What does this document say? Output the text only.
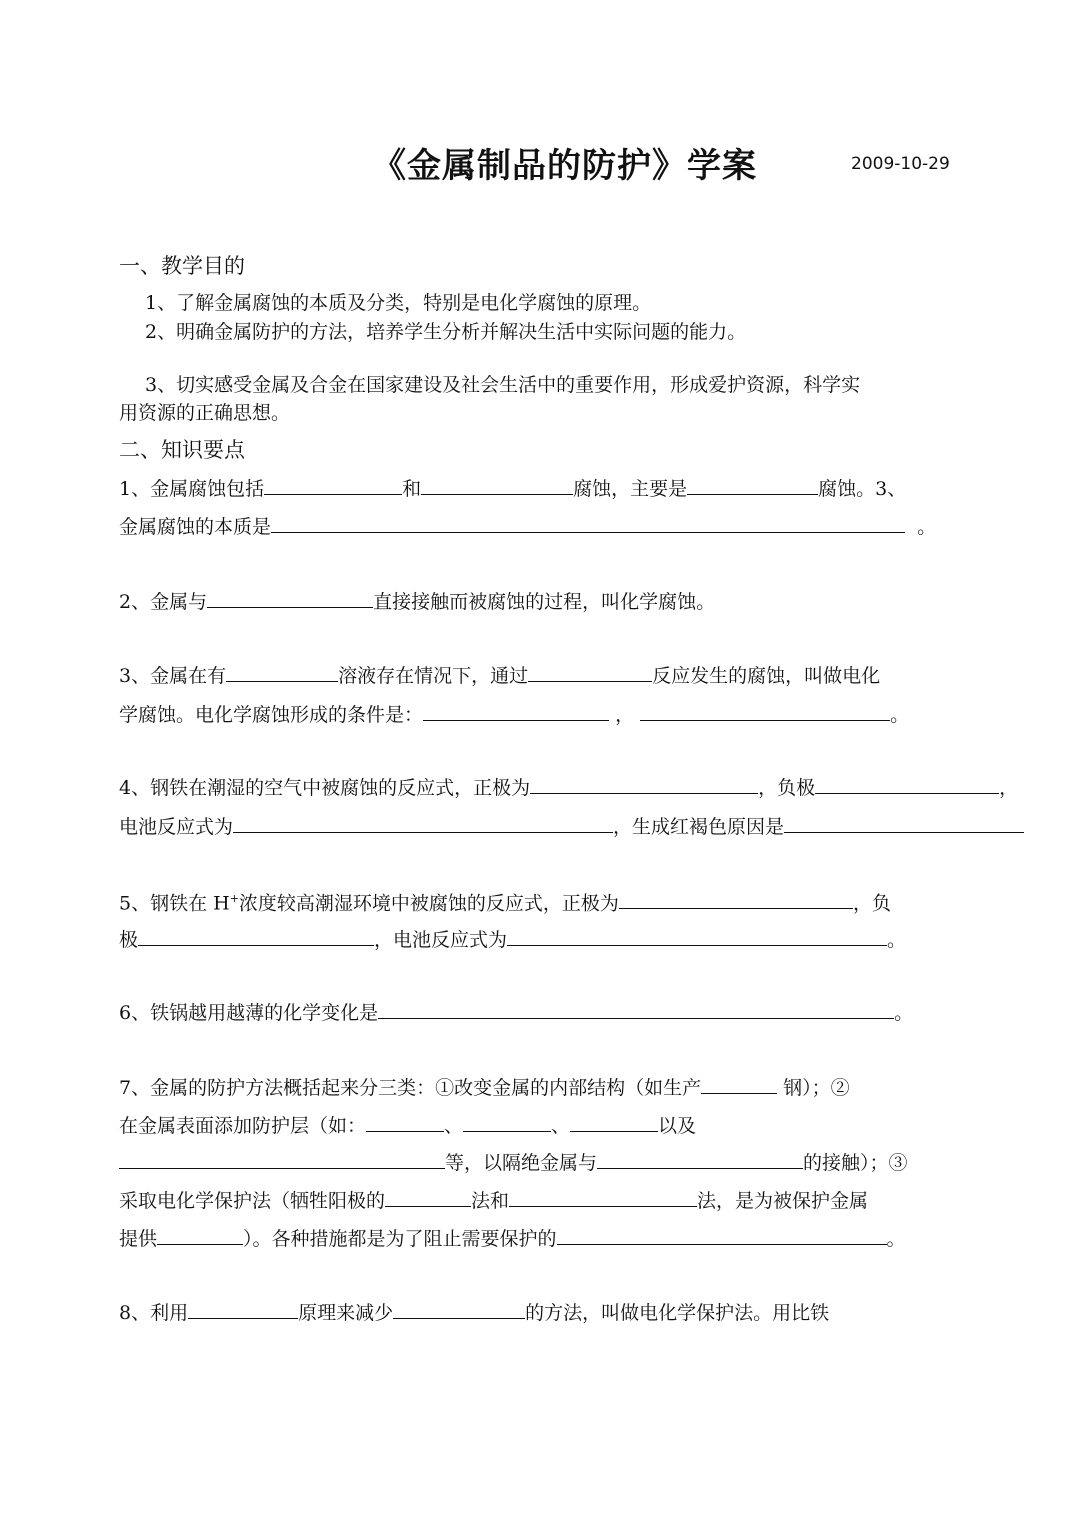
《金属制品的防护》学案	2009-10-29
一、教学目的
1、了解金属腐蚀的本质及分类，特别是电化学腐蚀的原理。
2、明确金属防护的方法，培养学生分析并解决生活中实际问题的能力。
3、切实感受金属及合金在国家建设及社会生活中的重要作用，形成爱护资源，科学实
用资源的正确思想。
二、知识要点
1、金属腐蚀包括	和	腐蚀，主要是	腐蚀。3、
金属腐蚀的本质是	。
2、金属与	直接接触而被腐蚀的过程，叫化学腐蚀。
3、金属在有	溶液存在情况下，通过	反应发生的腐蚀，叫做电化
学腐蚀。电化学腐蚀形成的条件是：	，	。
4、钢铁在潮湿的空气中被腐蚀的反应式，正极为	，负极	，
电池反应式为	，生成红褐色原因是
5、钢铁在 H+浓度较高潮湿环境中被腐蚀的反应式，正极为	，负
极	，电池反应式为	。
6、铁锅越用越薄的化学变化是	。
7、金属的防护方法概括起来分三类：①改变金属的内部结构（如生产	钢）；②
在金属表面添加防护层（如：	、	、	以及
等，以隔绝金属与	的接触）；③
采取电化学保护法（牺牲阳极的	法和	法，是为被保护金属
提供	）。各种措施都是为了阻止需要保护的	。
8、利用	原理来减少	的方法，叫做电化学保护法。用比铁
